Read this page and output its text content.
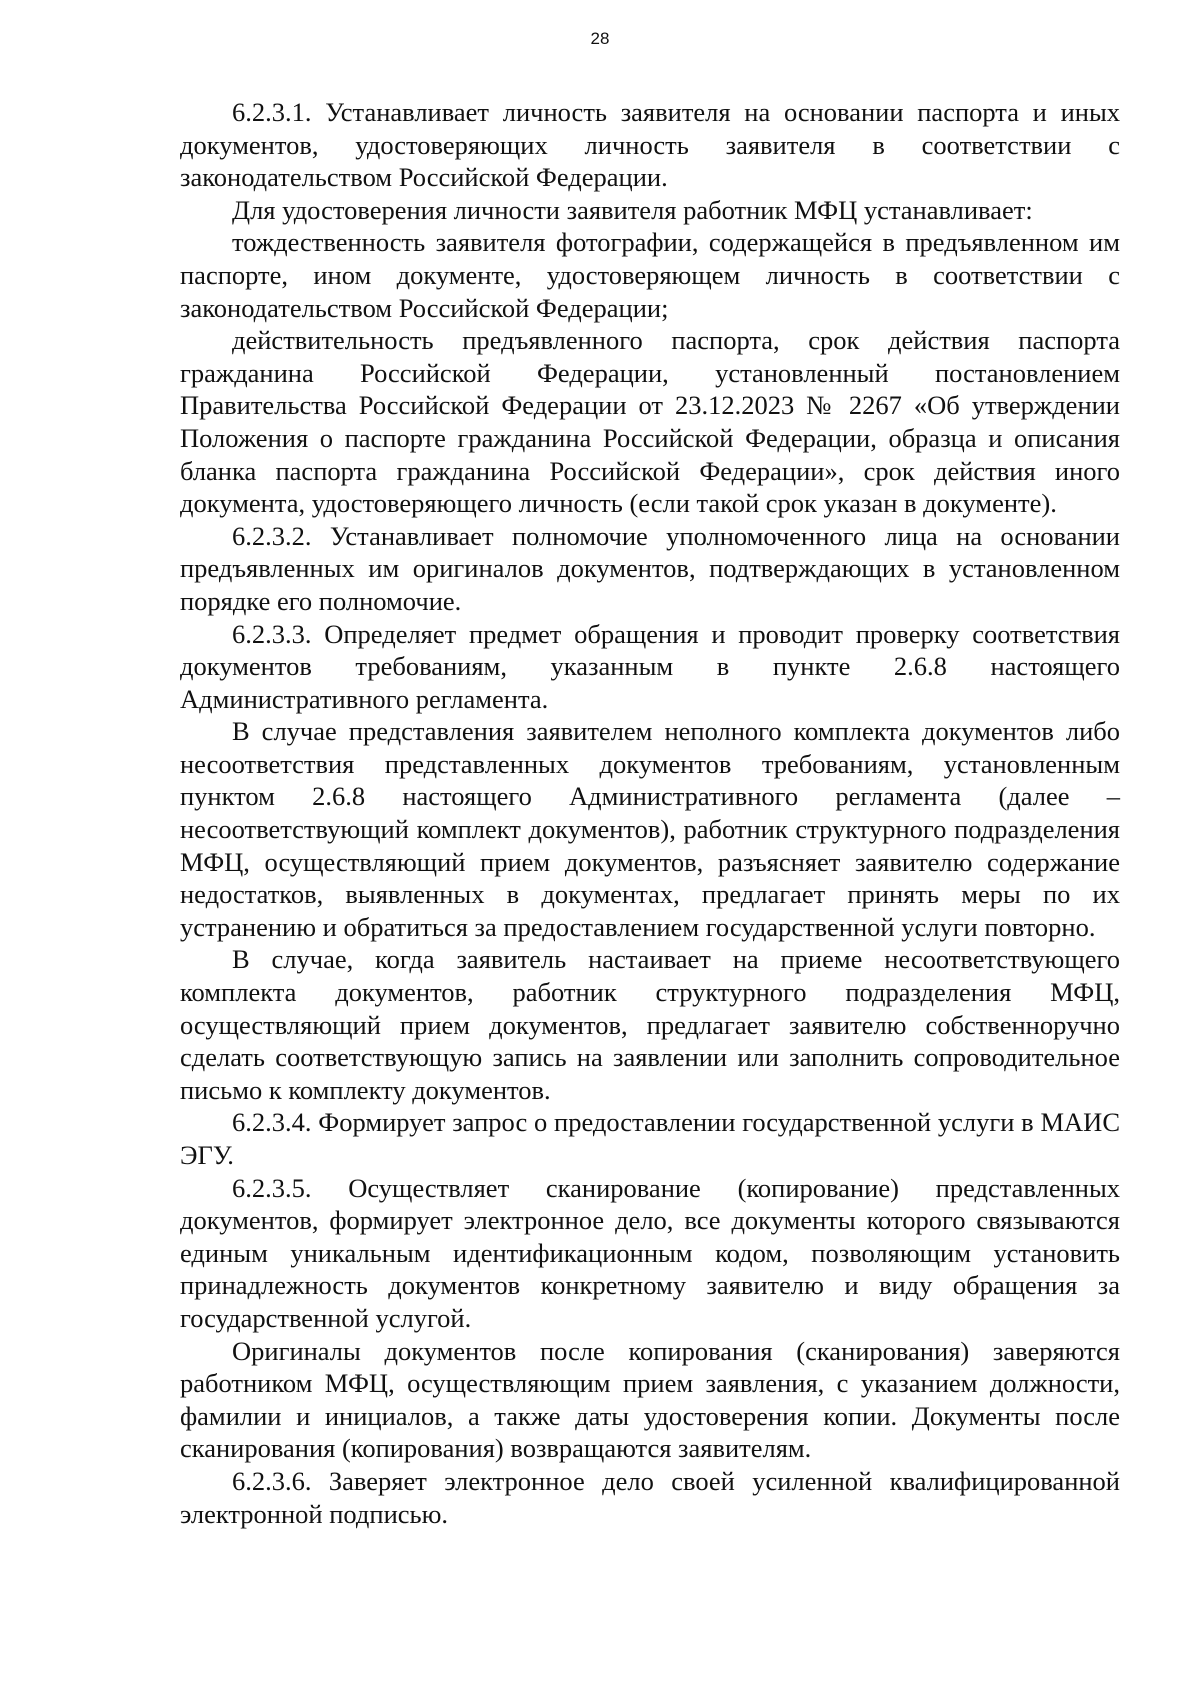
28

6.2.3.1. Устанавливает личность заявителя на основании паспорта и иных документов, удостоверяющих личность заявителя в соответствии с законодательством Российской Федерации.

Для удостоверения личности заявителя работник МФЦ устанавливает:

тождественность заявителя фотографии, содержащейся в предъявленном им паспорте, ином документе, удостоверяющем личность в соответствии с законодательством Российской Федерации;

действительность предъявленного паспорта, срок действия паспорта гражданина Российской Федерации, установленный постановлением Правительства Российской Федерации от 23.12.2023 № 2267 «Об утверждении Положения о паспорте гражданина Российской Федерации, образца и описания бланка паспорта гражданина Российской Федерации», срок действия иного документа, удостоверяющего личность (если такой срок указан в документе).

6.2.3.2. Устанавливает полномочие уполномоченного лица на основании предъявленных им оригиналов документов, подтверждающих в установленном порядке его полномочие.

6.2.3.3. Определяет предмет обращения и проводит проверку соответствия документов требованиям, указанным в пункте 2.6.8 настоящего Административного регламента.

В случае представления заявителем неполного комплекта документов либо несоответствия представленных документов требованиям, установленным пунктом 2.6.8 настоящего Административного регламента (далее – несоответствующий комплект документов), работник структурного подразделения МФЦ, осуществляющий прием документов, разъясняет заявителю содержание недостатков, выявленных в документах, предлагает принять меры по их устранению и обратиться за предоставлением государственной услуги повторно.

В случае, когда заявитель настаивает на приеме несоответствующего комплекта документов, работник структурного подразделения МФЦ, осуществляющий прием документов, предлагает заявителю собственноручно сделать соответствующую запись на заявлении или заполнить сопроводительное письмо к комплекту документов.

6.2.3.4. Формирует запрос о предоставлении государственной услуги в МАИС ЭГУ.

6.2.3.5. Осуществляет сканирование (копирование) представленных документов, формирует электронное дело, все документы которого связываются единым уникальным идентификационным кодом, позволяющим установить принадлежность документов конкретному заявителю и виду обращения за государственной услугой.

Оригиналы документов после копирования (сканирования) заверяются работником МФЦ, осуществляющим прием заявления, с указанием должности, фамилии и инициалов, а также даты удостоверения копии. Документы после сканирования (копирования) возвращаются заявителям.

6.2.3.6. Заверяет электронное дело своей усиленной квалифицированной электронной подписью.
